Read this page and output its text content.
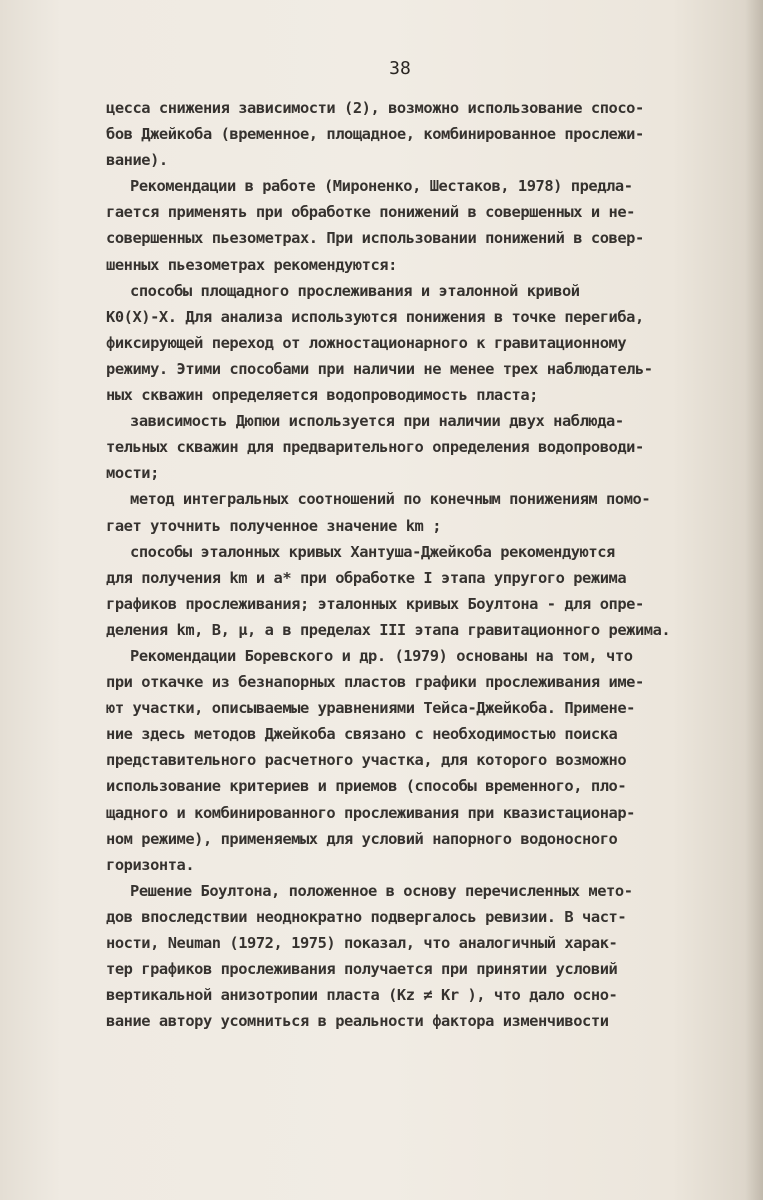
38
цесса снижения зависимости (2), возможно использование спосо-
бов Джейкоба (временное, площадное, комбинированное прослежи-
вание).
Рекомендации в работе (Мироненко, Шестаков, 1978) предла-
гается применять при обработке понижений в совершенных и не-
совершенных пьезометрах. При использовании понижений в совер-
шенных пьезометрах рекомендуются:
способы площадного прослеживания и эталонной кривой
K0(X)-X. Для анализа используются понижения в точке перегиба,
фиксирующей переход от ложностационарного к гравитационному
режиму. Этими способами при наличии не менее трех наблюдатель-
ных скважин определяется водопроводимость пласта;
зависимость Дюпюи используется при наличии двух наблюда-
тельных скважин для предварительного определения водопроводи-
мости;
метод интегральных соотношений по конечным понижениям помо-
гает уточнить полученное значение km ;
способы эталонных кривых Хантуша-Джейкоба рекомендуются
для получения km и a* при обработке I этапа упругого режима
графиков прослеживания; эталонных кривых Боултона - для опре-
деления km, B, μ, a в пределах III этапа гравитационного режима.
Рекомендации Боревского и др. (1979) основаны на том, что
при откачке из безнапорных пластов графики прослеживания име-
ют участки, описываемые уравнениями Тейса-Джейкоба. Примене-
ние здесь методов Джейкоба связано с необходимостью поиска
представительного расчетного участка, для которого возможно
использование критериев и приемов (способы временного, пло-
щадного и комбинированного прослеживания при квазистационар-
ном режиме), применяемых для условий напорного водоносного
горизонта.
Решение Боултона, положенное в основу перечисленных мето-
дов впоследствии неоднократно подвергалось ревизии. В част-
ности, Neuman (1972, 1975) показал, что аналогичный харак-
тер графиков прослеживания получается при принятии условий
вертикальной анизотропии пласта (Kz ≠ Kr ), что дало осно-
вание автору усомниться в реальности фактора изменчивости
